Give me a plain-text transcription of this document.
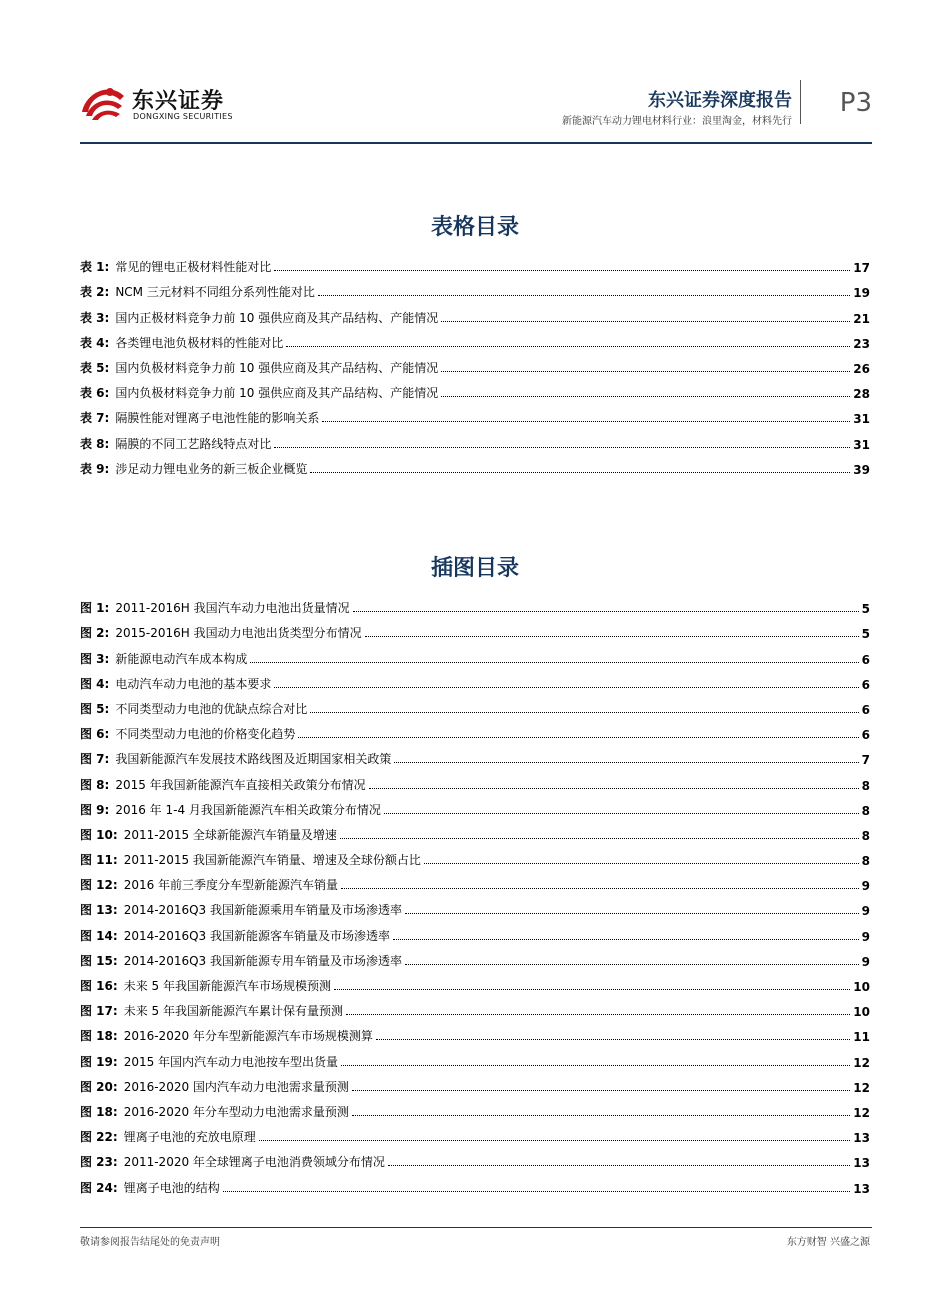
东兴证券
DONGXING SECURITIES
东兴证券深度报告
新能源汽车动力锂电材料行业：浪里淘金，材料先行
P3
表格目录
表 1: 常见的锂电正极材料性能对比	17
表 2: NCM 三元材料不同组分系列性能对比	19
表 3: 国内正极材料竞争力前 10 强供应商及其产品结构、产能情况	21
表 4: 各类锂电池负极材料的性能对比	23
表 5: 国内负极材料竞争力前 10 强供应商及其产品结构、产能情况	26
表 6: 国内负极材料竞争力前 10 强供应商及其产品结构、产能情况	28
表 7: 隔膜性能对锂离子电池性能的影响关系	31
表 8: 隔膜的不同工艺路线特点对比	31
表 9: 涉足动力锂电业务的新三板企业概览	39
插图目录
图 1: 2011-2016H 我国汽车动力电池出货量情况	5
图 2: 2015-2016H 我国动力电池出货类型分布情况	5
图 3: 新能源电动汽车成本构成	6
图 4: 电动汽车动力电池的基本要求	6
图 5: 不同类型动力电池的优缺点综合对比	6
图 6: 不同类型动力电池的价格变化趋势	6
图 7: 我国新能源汽车发展技术路线图及近期国家相关政策	7
图 8: 2015 年我国新能源汽车直接相关政策分布情况	8
图 9: 2016 年 1-4 月我国新能源汽车相关政策分布情况	8
图 10: 2011-2015 全球新能源汽车销量及增速	8
图 11: 2011-2015 我国新能源汽车销量、增速及全球份额占比	8
图 12: 2016 年前三季度分车型新能源汽车销量	9
图 13: 2014-2016Q3 我国新能源乘用车销量及市场渗透率	9
图 14: 2014-2016Q3 我国新能源客车销量及市场渗透率	9
图 15: 2014-2016Q3 我国新能源专用车销量及市场渗透率	9
图 16: 未来 5 年我国新能源汽车市场规模预测	10
图 17: 未来 5 年我国新能源汽车累计保有量预测	10
图 18: 2016-2020 年分车型新能源汽车市场规模测算	11
图 19: 2015 年国内汽车动力电池按车型出货量	12
图 20: 2016-2020 国内汽车动力电池需求量预测	12
图 18: 2016-2020 年分车型动力电池需求量预测	12
图 22: 锂离子电池的充放电原理	13
图 23: 2011-2020 年全球锂离子电池消费领域分布情况	13
图 24: 锂离子电池的结构	13
敬请参阅报告结尾处的免责声明	东方财智 兴盛之源
